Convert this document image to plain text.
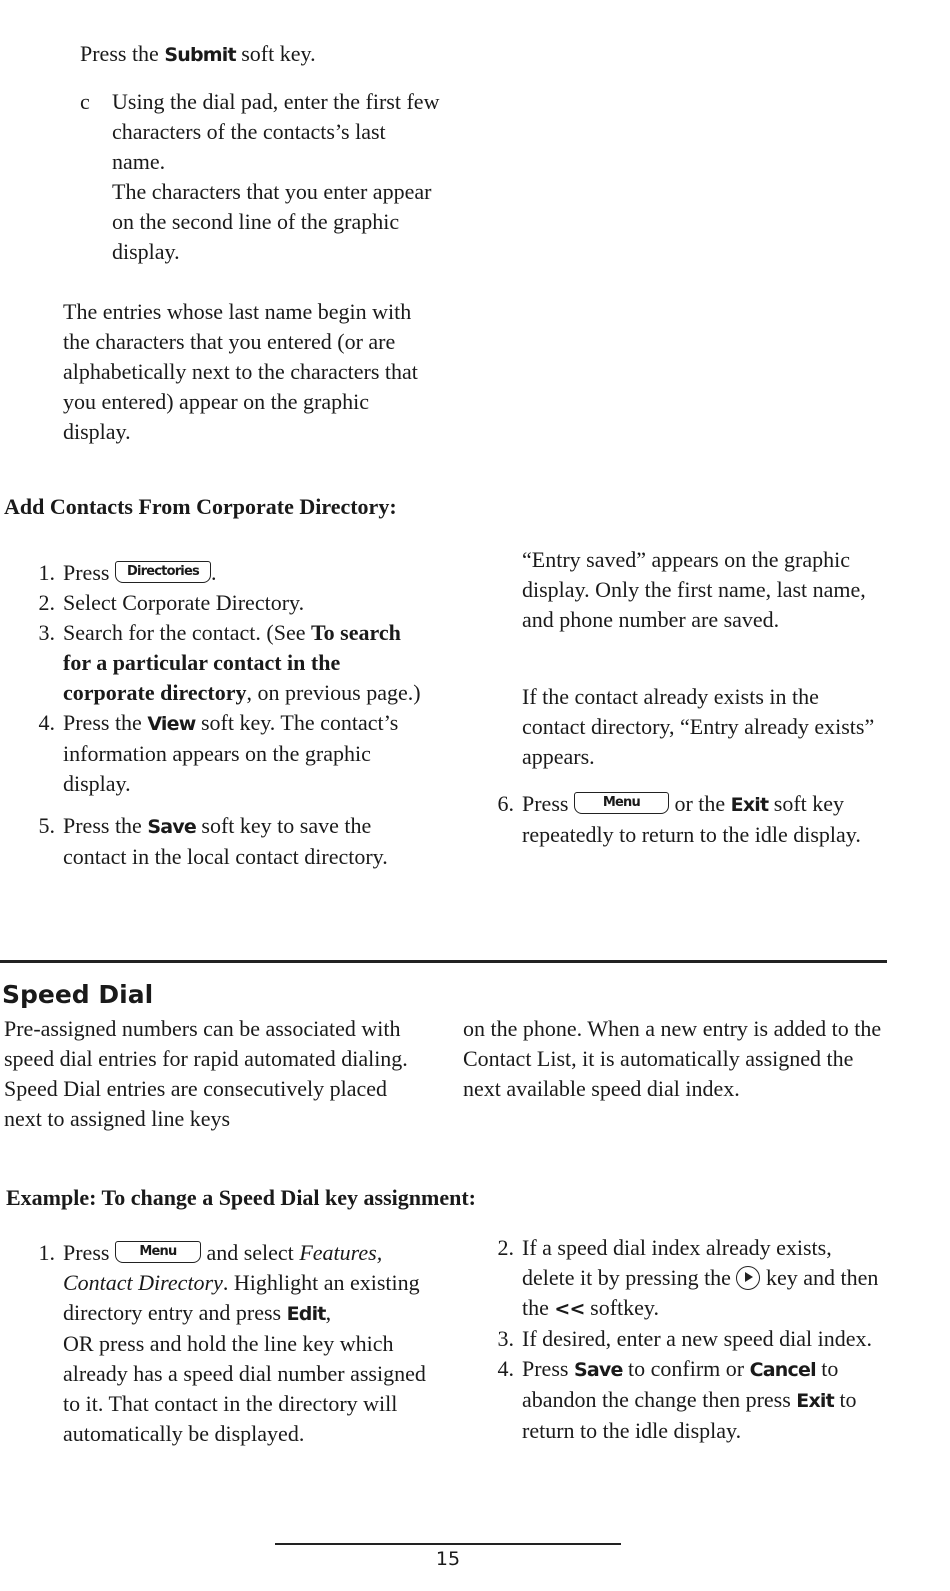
Press the Submit soft key.
c	Using the dial pad, enter the first few characters of the contacts’s last name.
The characters that you enter appear on the second line of the graphic display.
The entries whose last name begin with the characters that you entered (or are alphabetically next to the characters that you entered) appear on the graphic display.
Add Contacts From Corporate Directory:
1. Press Directories .
2. Select Corporate Directory.
3. Search for the contact. (See To search for a particular contact in the corporate directory, on previous page.)
4. Press the View soft key. The contact’s information appears on the graphic display.
5. Press the Save soft key to save the contact in the local contact directory.
“Entry saved” appears on the graphic display. Only the first name, last name, and phone number are saved.
If the contact already exists in the contact directory, “Entry already exists” appears.
6. Press Menu or the Exit soft key repeatedly to return to the idle display.
Speed Dial
Pre-assigned numbers can be associated with speed dial entries for rapid automated dialing. Speed Dial entries are consecutively placed next to assigned line keys
on the phone. When a new entry is added to the Contact List, it is automatically assigned the next available speed dial index.
Example: To change a Speed Dial key assignment:
1. Press Menu and select Features, Contact Directory. Highlight an existing directory entry and press Edit,
OR press and hold the line key which already has a speed dial number assigned to it. That contact in the directory will automatically be displayed.
2. If a speed dial index already exists, delete it by pressing the  key and then the << softkey.
3. If desired, enter a new speed dial index.
4. Press Save to confirm or Cancel to abandon the change then press Exit to return to the idle display.
15
